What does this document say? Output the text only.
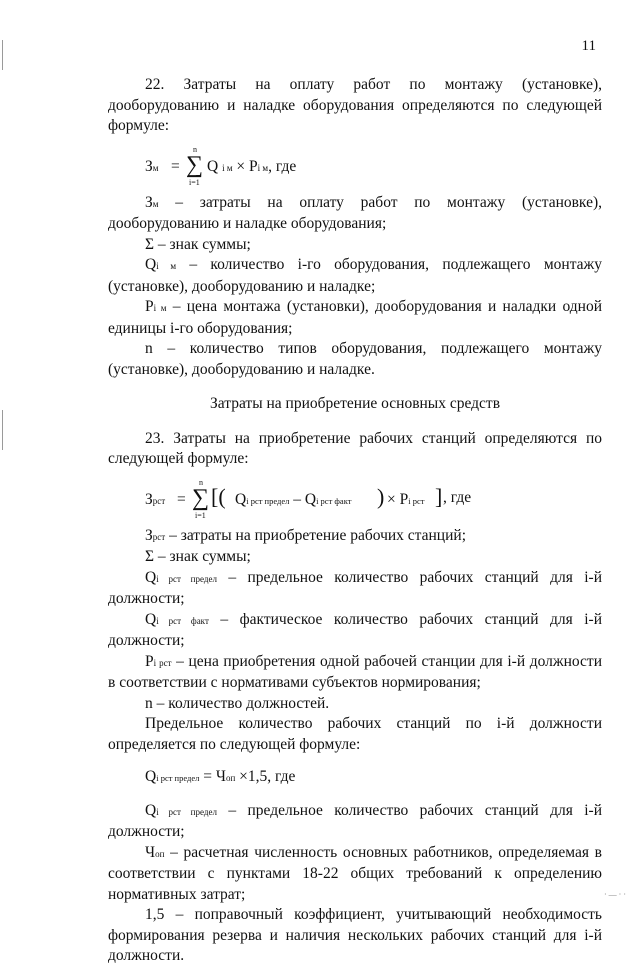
11

22. Затраты на оплату работ по монтажу (установке), дооборудованию и наладке оборудования определяются по следующей формуле:

Зм =
n
∑
i=1
Q i м × Pi м, где

Зм – затраты на оплату работ по монтажу (установке), дооборудованию и наладке оборудования;

Σ – знак суммы;

Qi м – количество i-го оборудования, подлежащего монтажу (установке), дооборудованию и наладке;

Pi м – цена монтажа (установки), дооборудования и наладки одной единицы i-го оборудования;

n – количество типов оборудования, подлежащего монтажу (установке), дооборудованию и наладке.

Затраты на приобретение основных средств

23. Затраты на приобретение рабочих станций определяются по следующей формуле:

Зрст =
n
∑
i=1
[( Qi рст предел – Qi рст факт ) × Pi рст ] , где

Зрст – затраты на приобретение рабочих станций;

Σ – знак суммы;

Qi рст предел – предельное количество рабочих станций для i-й должности;

Qi рст факт – фактическое количество рабочих станций для i-й должности;

Pi рст – цена приобретения одной рабочей станции для i-й должности в соответствии с нормативами субъектов нормирования;

n – количество должностей.

Предельное количество рабочих станций по i-й должности определяется по следующей формуле:

Qi рст предел = Чоп ×1,5, где

Qi рст предел – предельное количество рабочих станций для i-й должности;

Чоп – расчетная численность основных работников, определяемая в соответствии с пунктами 18-22 общих требований к определению нормативных затрат;

1,5 – поправочный коэффициент, учитывающий необходимость формирования резерва и наличия нескольких рабочих станций для i-й должности.

· — · ·
